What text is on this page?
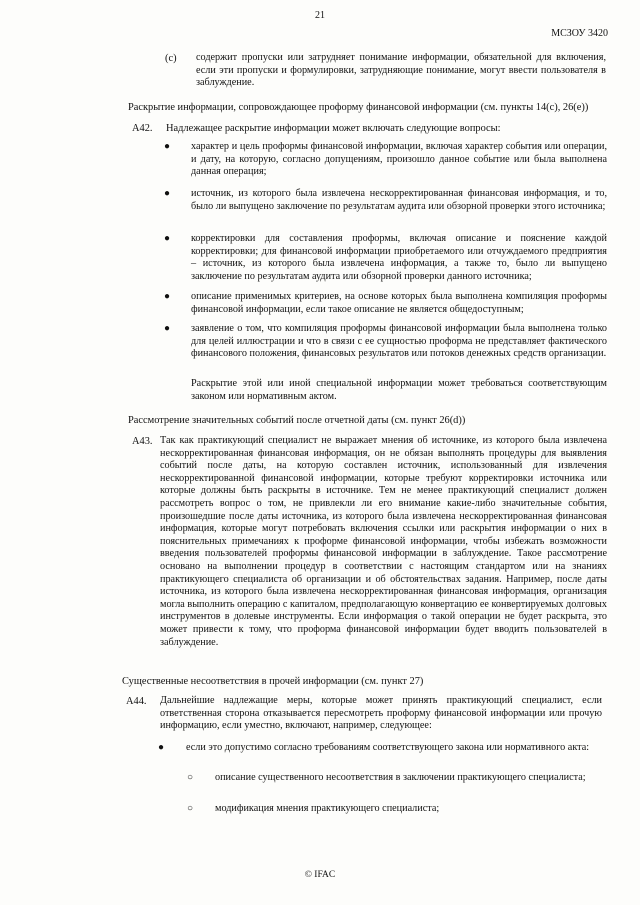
21
МСЗОУ 3420
(c) содержит пропуски или затрудняет понимание информации, обязательной для включения, если эти пропуски и формулировки, затрудняющие понимание, могут ввести пользователя в заблуждение.
Раскрытие информации, сопровождающее проформу финансовой информации (см. пункты 14(c), 26(e))
A42. Надлежащее раскрытие информации может включать следующие вопросы:
● характер и цель проформы финансовой информации, включая характер события или операции, и дату, на которую, согласно допущениям, произошло данное событие или была выполнена данная операция;
● источник, из которого была извлечена нескорректированная финансовая информация, и то, было ли выпущено заключение по результатам аудита или обзорной проверки этого источника;
● корректировки для составления проформы, включая описание и пояснение каждой корректировки; для финансовой информации приобретаемого или отчуждаемого предприятия – источник, из которого была извлечена информация, а также то, было ли выпущено заключение по результатам аудита или обзорной проверки данного источника;
● описание применимых критериев, на основе которых была выполнена компиляция проформы финансовой информации, если такое описание не является общедоступным;
● заявление о том, что компиляция проформы финансовой информации была выполнена только для целей иллюстрации и что в связи с ее сущностью проформа не представляет фактического финансового положения, финансовых результатов или потоков денежных средств организации.
Раскрытие этой или иной специальной информации может требоваться соответствующим законом или нормативным актом.
Рассмотрение значительных событий после отчетной даты (см. пункт 26(d))
A43. Так как практикующий специалист не выражает мнения об источнике, из которого была извлечена нескорректированная финансовая информация, он не обязан выполнять процедуры для выявления событий после даты, на которую составлен источник, использованный для извлечения нескорректированной финансовой информации, которые требуют корректировки источника или которые должны быть раскрыты в источнике. Тем не менее практикующий специалист должен рассмотреть вопрос о том, не привлекли ли его внимание какие-либо значительные события, произошедшие после даты источника, из которого была извлечена нескорректированная финансовая информация, которые могут потребовать включения ссылки или раскрытия информации о них в пояснительных примечаниях к проформе финансовой информации, чтобы избежать возможности введения пользователей проформы финансовой информации в заблуждение. Такое рассмотрение основано на выполнении процедур в соответствии с настоящим стандартом или на знаниях практикующего специалиста об организации и об обстоятельствах задания. Например, после даты источника, из которого была извлечена нескорректированная финансовая информация, организация могла выполнить операцию с капиталом, предполагающую конвертацию ее конвертируемых долговых инструментов в долевые инструменты. Если информация о такой операции не будет раскрыта, это может привести к тому, что проформа финансовой информации будет вводить пользователей в заблуждение.
Существенные несоответствия в прочей информации (см. пункт 27)
A44. Дальнейшие надлежащие меры, которые может принять практикующий специалист, если ответственная сторона отказывается пересмотреть проформу финансовой информации или прочую информацию, если уместно, включают, например, следующее:
● если это допустимо согласно требованиям соответствующего закона или нормативного акта:
○ описание существенного несоответствия в заключении практикующего специалиста;
○ модификация мнения практикующего специалиста;
© IFAC
